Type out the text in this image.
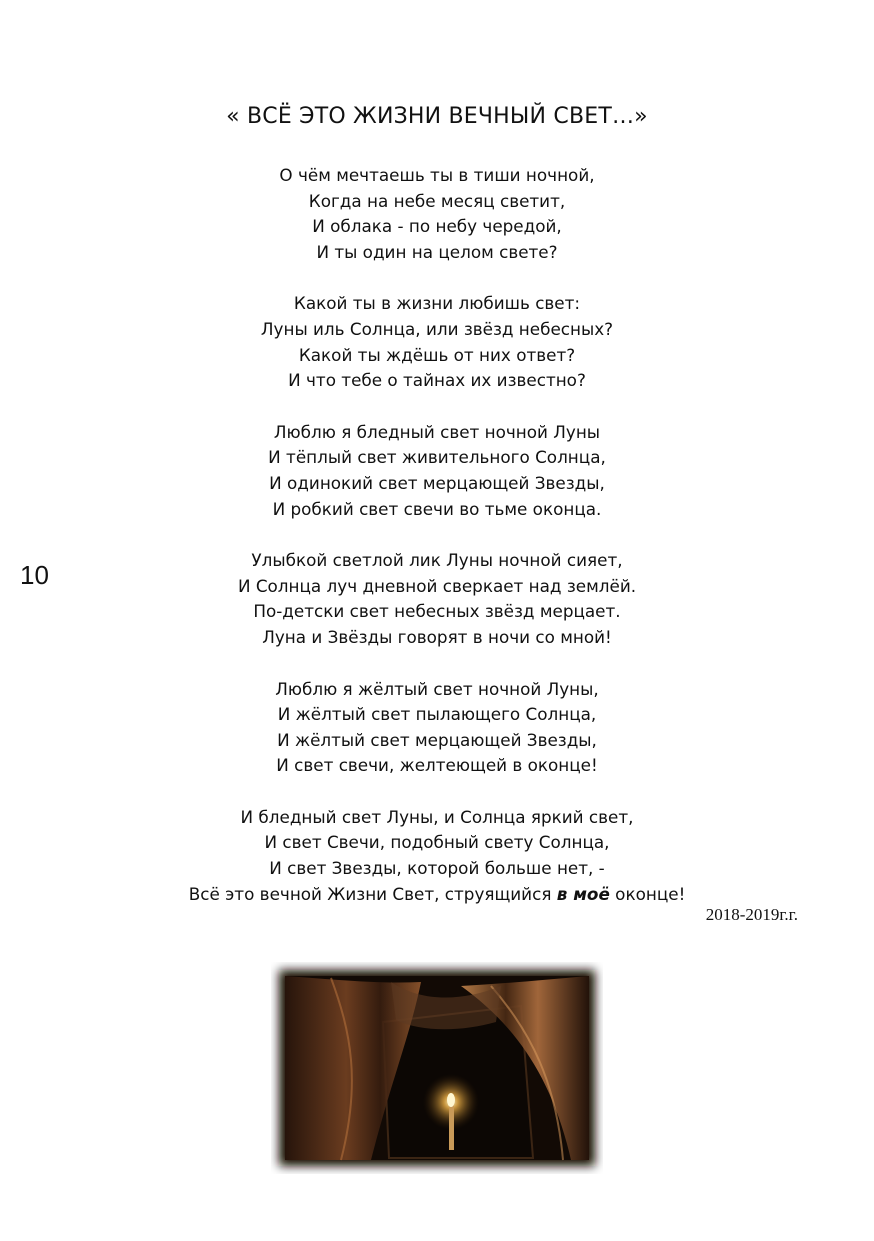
« ВСЁ ЭТО ЖИЗНИ ВЕЧНЫЙ СВЕТ…»
10
О чём мечтаешь ты в тиши ночной,
Когда на небе месяц светит,
И облака - по небу чередой,
И ты один на целом свете?
Какой ты в жизни любишь свет:
Луны иль Солнца, или звёзд небесных?
Какой ты ждёшь от них ответ?
И что тебе о тайнах их известно?
Люблю я бледный свет ночной Луны
И тёплый свет живительного Солнца,
И одинокий свет мерцающей Звезды,
И робкий свет свечи во тьме оконца.
Улыбкой светлой лик Луны ночной сияет,
И Солнца луч дневной сверкает над землёй.
По-детски свет небесных звёзд мерцает.
Луна и Звёзды говорят в ночи со мной!
Люблю я жёлтый свет ночной Луны,
И жёлтый свет пылающего Солнца,
И жёлтый свет мерцающей Звезды,
И свет свечи, желтеющей в оконце!
И бледный свет Луны, и Солнца яркий свет,
И свет Свечи, подобный свету Солнца,
И свет Звезды, которой больше нет, -
Всё это вечной Жизни Свет, струящийся в моё оконце!
2018-2019г.г.
